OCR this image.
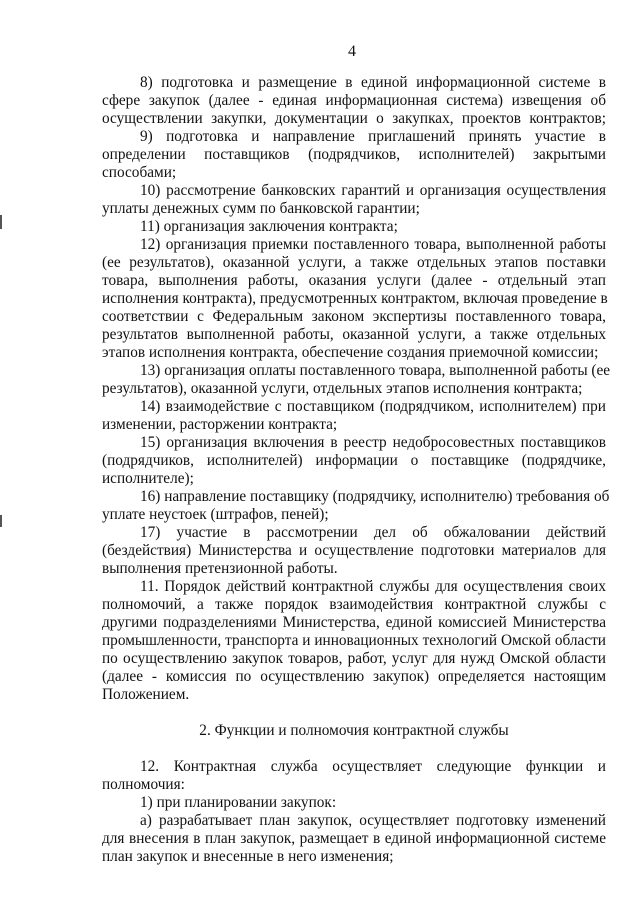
4
8) подготовка и размещение в единой информационной системе в
сфере закупок (далее - единая информационная система) извещения об
осуществлении закупки, документации о закупках, проектов контрактов;
9) подготовка и направление приглашений принять участие в
определении поставщиков (подрядчиков, исполнителей) закрытыми
способами;
10) рассмотрение банковских гарантий и организация осуществления
уплаты денежных сумм по банковской гарантии;
11) организация заключения контракта;
12) организация приемки поставленного товара, выполненной работы
(ее результатов), оказанной услуги, а также отдельных этапов поставки
товара, выполнения работы, оказания услуги (далее - отдельный этап
исполнения контракта), предусмотренных контрактом, включая проведение в
соответствии с Федеральным законом экспертизы поставленного товара,
результатов выполненной работы, оказанной услуги, а также отдельных
этапов исполнения контракта, обеспечение создания приемочной комиссии;
13) организация оплаты поставленного товара, выполненной работы (ее
результатов), оказанной услуги, отдельных этапов исполнения контракта;
14) взаимодействие с поставщиком (подрядчиком, исполнителем) при
изменении, расторжении контракта;
15) организация включения в реестр недобросовестных поставщиков
(подрядчиков, исполнителей) информации о поставщике (подрядчике,
исполнителе);
16) направление поставщику (подрядчику, исполнителю) требования об
уплате неустоек (штрафов, пеней);
17) участие в рассмотрении дел об обжаловании действий
(бездействия) Министерства и осуществление подготовки материалов для
выполнения претензионной работы.
11. Порядок действий контрактной службы для осуществления своих
полномочий, а также порядок взаимодействия контрактной службы с
другими подразделениями Министерства, единой комиссией Министерства
промышленности, транспорта и инновационных технологий Омской области
по осуществлению закупок товаров, работ, услуг для нужд Омской области
(далее - комиссия по осуществлению закупок) определяется настоящим
Положением.
2. Функции и полномочия контрактной службы
12. Контрактная служба осуществляет следующие функции и
полномочия:
1) при планировании закупок:
а) разрабатывает план закупок, осуществляет подготовку изменений
для внесения в план закупок, размещает в единой информационной системе
план закупок и внесенные в него изменения;
